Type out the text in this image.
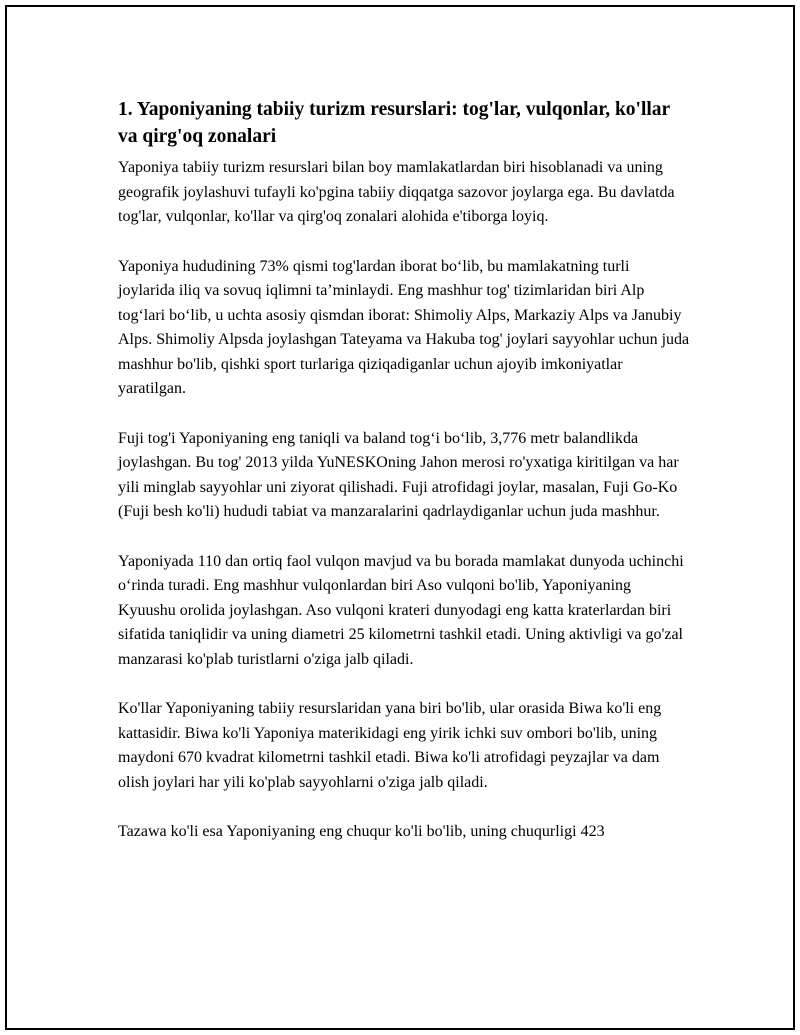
1. Yaponiyaning tabiiy turizm resurslari: tog'lar, vulqonlar, ko'llar va qirg'oq zonalari

Yaponiya tabiiy turizm resurslari bilan boy mamlakatlardan biri hisoblanadi va uning geografik joylashuvi tufayli ko'pgina tabiiy diqqatga sazovor joylarga ega. Bu davlatda tog'lar, vulqonlar, ko'llar va qirg'oq zonalari alohida e'tiborga loyiq.

Yaponiya hududining 73% qismi tog'lardan iborat bo‘lib, bu mamlakatning turli joylarida iliq va sovuq iqlimni ta’minlaydi. Eng mashhur tog' tizimlaridan biri Alp tog‘lari bo‘lib, u uchta asosiy qismdan iborat: Shimoliy Alps, Markaziy Alps va Janubiy Alps. Shimoliy Alpsda joylashgan Tateyama va Hakuba tog' joylari sayyohlar uchun juda mashhur bo'lib, qishki sport turlariga qiziqadiganlar uchun ajoyib imkoniyatlar yaratilgan.

Fuji tog'i Yaponiyaning eng taniqli va baland tog‘i bo‘lib, 3,776 metr balandlikda joylashgan. Bu tog' 2013 yilda YuNESKOning Jahon merosi ro'yxatiga kiritilgan va har yili minglab sayyohlar uni ziyorat qilishadi. Fuji atrofidagi joylar, masalan, Fuji Go-Ko (Fuji besh ko'li) hududi tabiat va manzaralarini qadrlaydiganlar uchun juda mashhur.

Yaponiyada 110 dan ortiq faol vulqon mavjud va bu borada mamlakat dunyoda uchinchi o‘rinda turadi. Eng mashhur vulqonlardan biri Aso vulqoni bo'lib, Yaponiyaning Kyuushu orolida joylashgan. Aso vulqoni krateri dunyodagi eng katta kraterlardan biri sifatida taniqlidir va uning diametri 25 kilometrni tashkil etadi. Uning aktivligi va go'zal manzarasi ko'plab turistlarni o'ziga jalb qiladi.

Ko'llar Yaponiyaning tabiiy resurslaridan yana biri bo'lib, ular orasida Biwa ko'li eng kattasidir. Biwa ko'li Yaponiya materikidagi eng yirik ichki suv ombori bo'lib, uning maydoni 670 kvadrat kilometrni tashkil etadi. Biwa ko'li atrofidagi peyzajlar va dam olish joylari har yili ko'plab sayyohlarni o'ziga jalb qiladi.

Tazawa ko'li esa Yaponiyaning eng chuqur ko'li bo'lib, uning chuqurligi 423
